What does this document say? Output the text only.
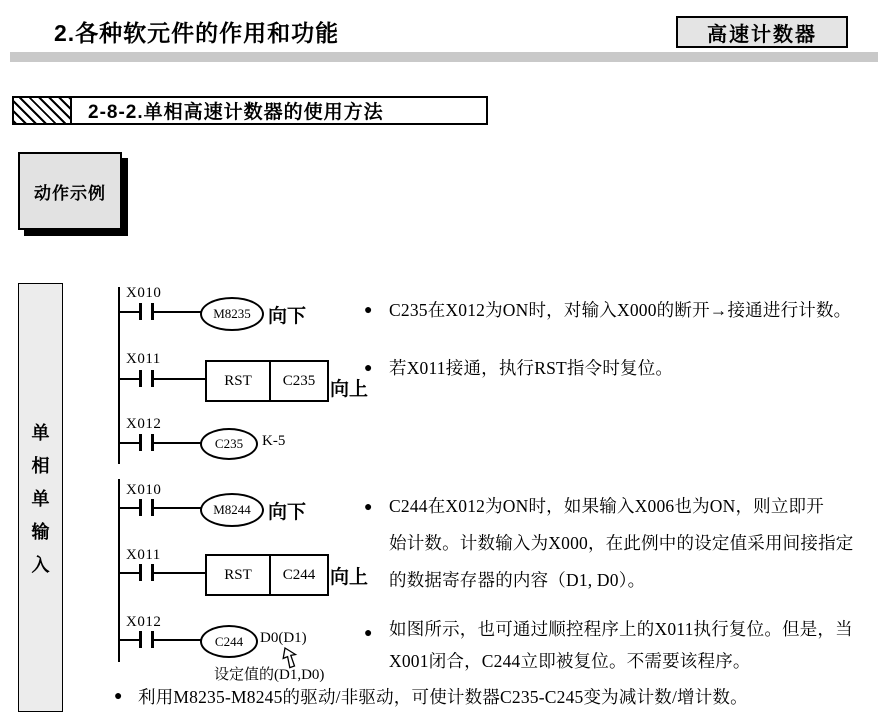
2.各种软元件的作用和功能	高速计数器
2-8-2.单相高速计数器的使用方法
动作示例
单
相
单
输
入
X010
M8235 向下
X011
RST	C235 向上
X012
C235	K-5
X010
M8244 向下
X011
RST	C244 向上
X012
C244	D0(D1)
设定值的(D1,D0)
● C235在X012为ON时，对输入X000的断开→接通进行计数。
● 若X011接通，执行RST指令时复位。
● C244在X012为ON时，如果输入X006也为ON，则立即开
始计数。计数输入为X000，在此例中的设定值采用间接指定
的数据寄存器的内容（D1, D0）。
● 如图所示，也可通过顺控程序上的X011执行复位。但是，当
X001闭合，C244立即被复位。不需要该程序。
● 利用M8235-M8245的驱动/非驱动，可使计数器C235-C245变为减计数/增计数。
